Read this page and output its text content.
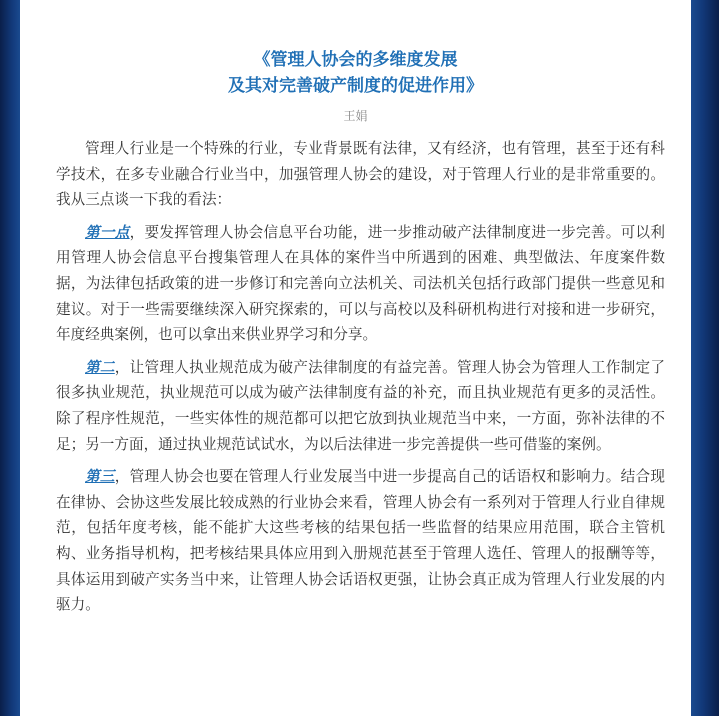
《管理人协会的多维度发展
及其对完善破产制度的促进作用》
王娟

管理人行业是一个特殊的行业，专业背景既有法律，又有经济，也有管理，甚至于还有科学技术，在多专业融合行业当中，加强管理人协会的建设，对于管理人行业的是非常重要的。我从三点谈一下我的看法：

第一点，要发挥管理人协会信息平台功能，进一步推动破产法律制度进一步完善。可以利用管理人协会信息平台搜集管理人在具体的案件当中所遇到的困难、典型做法、年度案件数据，为法律包括政策的进一步修订和完善向立法机关、司法机关包括行政部门提供一些意见和建议。对于一些需要继续深入研究探索的，可以与高校以及科研机构进行对接和进一步研究，年度经典案例，也可以拿出来供业界学习和分享。

第二，让管理人执业规范成为破产法律制度的有益完善。管理人协会为管理人工作制定了很多执业规范，执业规范可以成为破产法律制度有益的补充，而且执业规范有更多的灵活性。除了程序性规范，一些实体性的规范都可以把它放到执业规范当中来，一方面，弥补法律的不足；另一方面，通过执业规范试试水，为以后法律进一步完善提供一些可借鉴的案例。

第三，管理人协会也要在管理人行业发展当中进一步提高自己的话语权和影响力。结合现在律协、会协这些发展比较成熟的行业协会来看，管理人协会有一系列对于管理人行业自律规范，包括年度考核，能不能扩大这些考核的结果包括一些监督的结果应用范围，联合主管机构、业务指导机构，把考核结果具体应用到入册规范甚至于管理人选任、管理人的报酬等等，具体运用到破产实务当中来，让管理人协会话语权更强，让协会真正成为管理人行业发展的内驱力。
